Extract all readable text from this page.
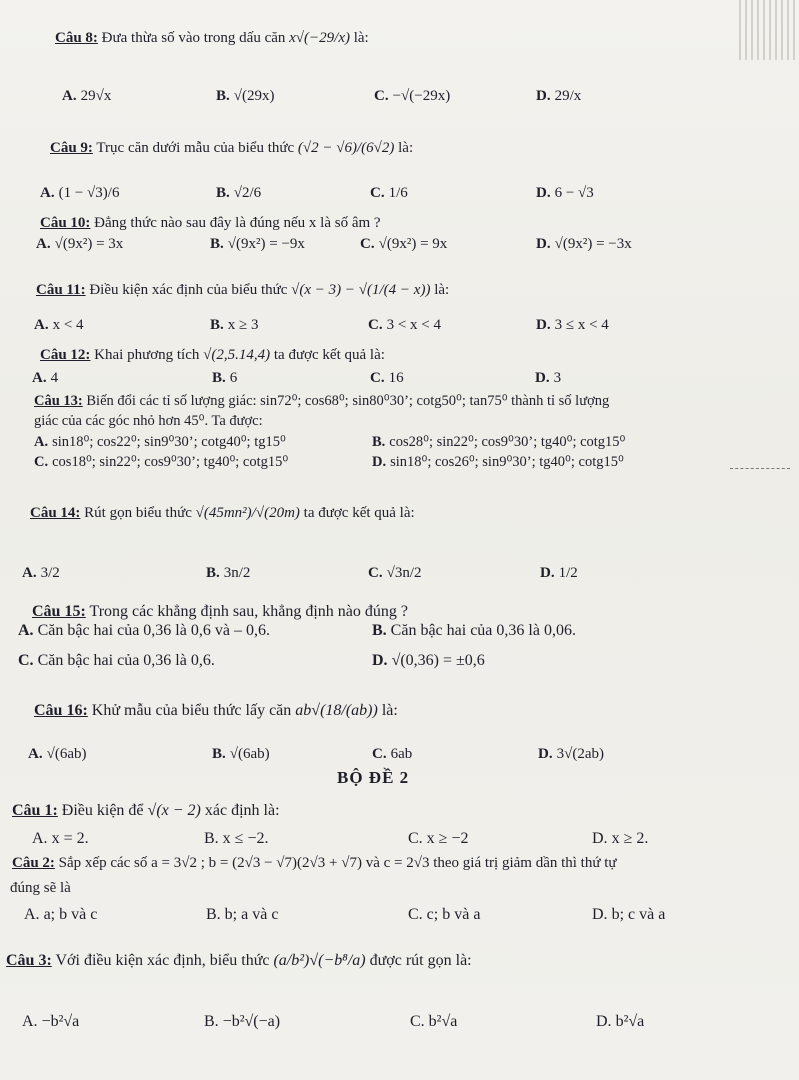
Câu 8: Đưa thừa số vào trong dấu căn x√(−29/x) là:
A. 29√x	B. √(29x)	C. −√(−29x)	D. 29/x
Câu 9: Trục căn dưới mẫu của biểu thức (√2 − √6)/(6√2) là:
A. (1 − √3)/6	B. √2/6	C. 1/6	D. 6 − √3
Câu 10: Đẳng thức nào sau đây là đúng nếu x là số âm ?
A. √(9x²) = 3x	B. √(9x²) = −9x	C. √(9x²) = 9x	D. √(9x²) = −3x
Câu 11: Điều kiện xác định của biểu thức √(x − 3) − √(1/(4 − x)) là:
A. x < 4	B. x ≥ 3	C. 3 < x < 4	D. 3 ≤ x < 4
Câu 12: Khai phương tích √(2,5.14,4) ta được kết quả là:
A. 4	B. 6	C. 16	D. 3
Câu 13: Biến đổi các tỉ số lượng giác: sin72⁰; cos68⁰; sin80⁰30’; cotg50⁰; tan75⁰ thành tỉ số lượng
giác của các góc nhỏ hơn 45⁰. Ta được:
A. sin18⁰; cos22⁰; sin9⁰30’; cotg40⁰; tg15⁰	B. cos28⁰; sin22⁰; cos9⁰30’; tg40⁰; cotg15⁰
C. cos18⁰; sin22⁰; cos9⁰30’; tg40⁰; cotg15⁰	D. sin18⁰; cos26⁰; sin9⁰30’; tg40⁰; cotg15⁰
Câu 14: Rút gọn biểu thức √(45mn²)/√(20m) ta được kết quả là:
A. 3/2	B. 3n/2	C. √3n/2	D. 1/2
Câu 15: Trong các khẳng định sau, khẳng định nào đúng ?
A. Căn bậc hai của 0,36 là 0,6 và – 0,6.	B. Căn bậc hai của 0,36 là 0,06.
C. Căn bậc hai của 0,36 là 0,6.	D. √(0,36) = ±0,6
Câu 16: Khử mẫu của biểu thức lấy căn ab√(18/(ab)) là:
A. √(6ab)	B. √(6ab)	C. 6ab	D. 3√(2ab)
BỘ ĐỀ 2
Câu 1: Điều kiện để √(x − 2) xác định là:
A. x = 2.	B. x ≤ −2.	C. x ≥ −2	D. x ≥ 2.
Câu 2: Sắp xếp các số a = 3√2 ; b = (2√3 − √7)(2√3 + √7) và c = 2√3 theo giá trị giảm dần thì thứ tự
đúng sẽ là
A. a; b và c	B. b; a và c	C. c; b và a	D. b; c và a
Câu 3: Với điều kiện xác định, biểu thức (a/b²)√(−b⁸/a) được rút gọn là:
A. −b²√a	B. −b²√(−a)	C. b²√a	D. b²√a
